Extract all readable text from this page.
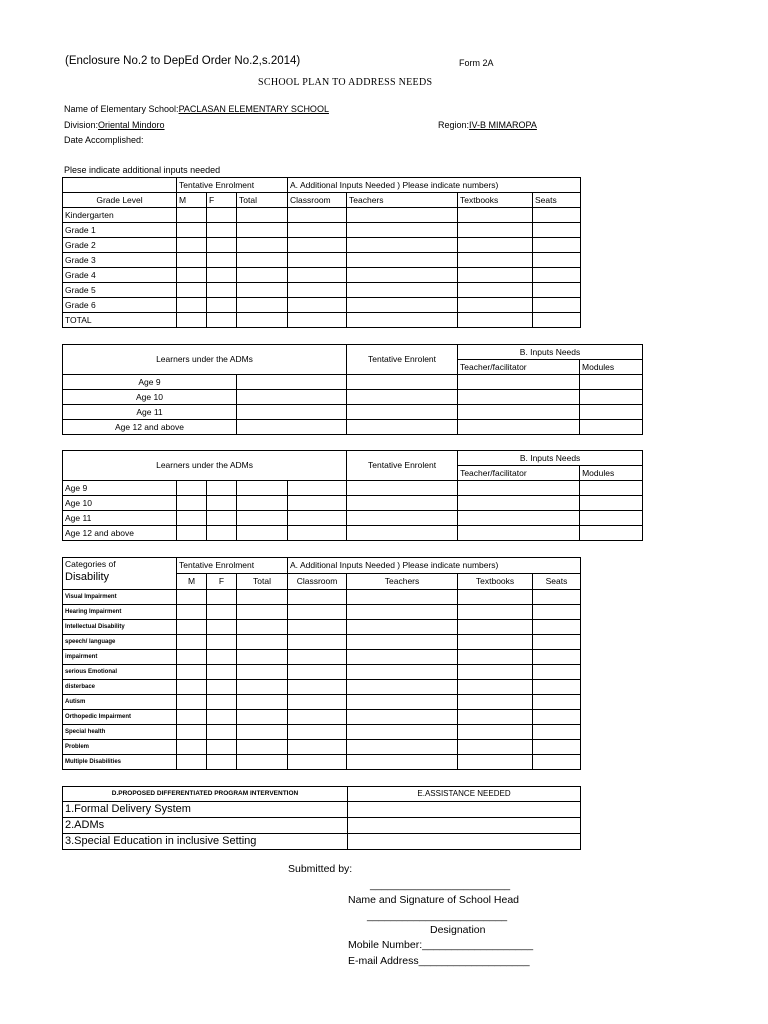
(Enclosure No.2 to DepEd Order No.2,s.2014)	Form 2A
SCHOOL PLAN TO ADDRESS NEEDS
Name of Elementary School:PACLASAN ELEMENTARY SCHOOL
Division:Oriental Mindoro	Region:IV-B MIMAROPA
Date Accomplished:
Plese indicate additional inputs needed
	Tentative Enrolment			A. Additional Inputs Needed ) Please indicate numbers)			
Grade Level	M	F	Total	Classroom	Teachers	Textbooks	Seats
Kindergarten							
Grade 1							
Grade 2							
Grade 3							
Grade 4							
Grade 5							
Grade 6							
TOTAL							
Learners under the ADMs		Tentative Enrolent	B. Inputs Needs	
			Teacher/facilitator	Modules
Age 9				
Age 10				
Age 11				
Age 12 and above				
Learners under the ADMs					Tentative Enrolent	B. Inputs Needs	
						Teacher/facilitator	Modules
Age 9							
Age 10							
Age 11							
Age 12 and above							
Categories of
Disability	Tentative Enrolment			A. Additional Inputs Needed ) Please indicate numbers)			
	M	F	Total	Classroom	Teachers	Textbooks	Seats
Visual Impairment							
Hearing Impairment							
Intellectual Disability							
speech/ language							
impairment							
serious Emotional							
disterbace							
Autism							
Orthopedic Impairment							
Special health							
Problem							
Multiple Disabilities							
D.PROPOSED DIFFERENTIATED PROGRAM INTERVENTION	E.ASSISTANCE NEEDED
1.Formal Delivery System	
2.ADMs	
3.Special Education in inclusive Setting	
Submitted by:
________________________
Name and Signature of School Head
________________________
Designation
Mobile Number:___________________
E-mail Address___________________
